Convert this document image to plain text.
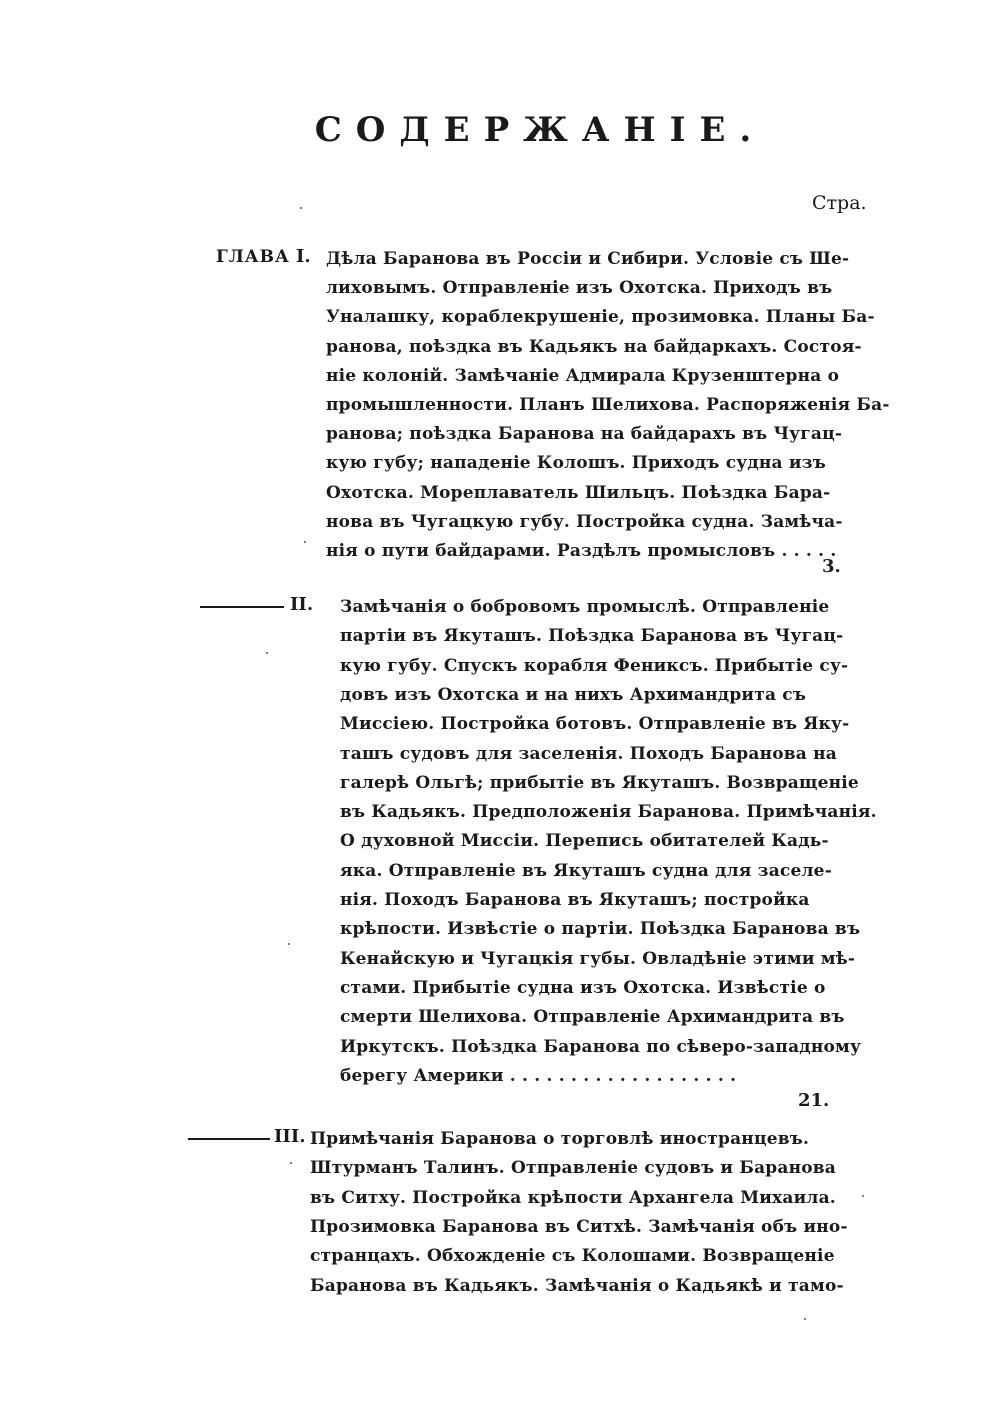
СОДЕРЖАНIЕ.
Стра.
ГЛАВА I. Дѣла Баранова въ Россiи и Сибири. Условiе съ Ше-
лиховымъ. Отправленiе изъ Охотска. Приходъ въ
Уналашку, кораблекрушенiе, прозимовка. Планы Ба-
ранова, поѣздка въ Кадьякъ на байдаркахъ. Состоя-
нiе колонiй. Замѣчанiе Адмирала Крузенштерна о
промышленности. Планъ Шелихова. Распоряженiя Ба-
ранова; поѣздка Баранова на байдарахъ въ Чугац-
кую губу; нападенiе Колошъ. Приходъ судна изъ
Охотска. Мореплаватель Шильцъ. Поѣздка Бара-
нова въ Чугацкую губу. Постройка судна. Замѣча-
нiя о пути байдарами. Раздѣлъ промысловъ . . . . .
3.
II. Замѣчанiя о бобровомъ промыслѣ. Отправленiе
партiи въ Якуташъ. Поѣздка Баранова въ Чугац-
кую губу. Спускъ корабля Фениксъ. Прибытiе су-
довъ изъ Охотска и на нихъ Архимандрита съ
Миссiею. Постройка ботовъ. Отправленiе въ Яку-
ташъ судовъ для заселенiя. Походъ Баранова на
галерѣ Ольгѣ; прибытiе въ Якуташъ. Возвращенiе
въ Кадьякъ. Предположенiя Баранова. Примѣчанiя.
О духовной Миссiи. Перепись обитателей Кадь-
яка. Отправленiе въ Якуташъ судна для заселе-
нiя. Походъ Баранова въ Якуташъ; постройка
крѣпости. Извѣстiе о партiи. Поѣздка Баранова въ
Кенайскую и Чугацкiя губы. Овладѣнiе этими мѣ-
стами. Прибытiе судна изъ Охотска. Извѣстiе о
смерти Шелихова. Отправленiе Архимандрита въ
Иркутскъ. Поѣздка Баранова по сѣверо-западному
берегу Америки . . . . . . . . . . . . . . . . . . .
21.
III. Примѣчанiя Баранова о торговлѣ иностранцевъ.
Штурманъ Талинъ. Отправленiе судовъ и Баранова
въ Ситху. Постройка крѣпости Архангела Михаила.
Прозимовка Баранова въ Ситхѣ. Замѣчанiя объ ино-
странцахъ. Обхожденiе съ Колошами. Возвращенiе
Баранова въ Кадьякъ. Замѣчанiя о Кадьякѣ и тамо-
